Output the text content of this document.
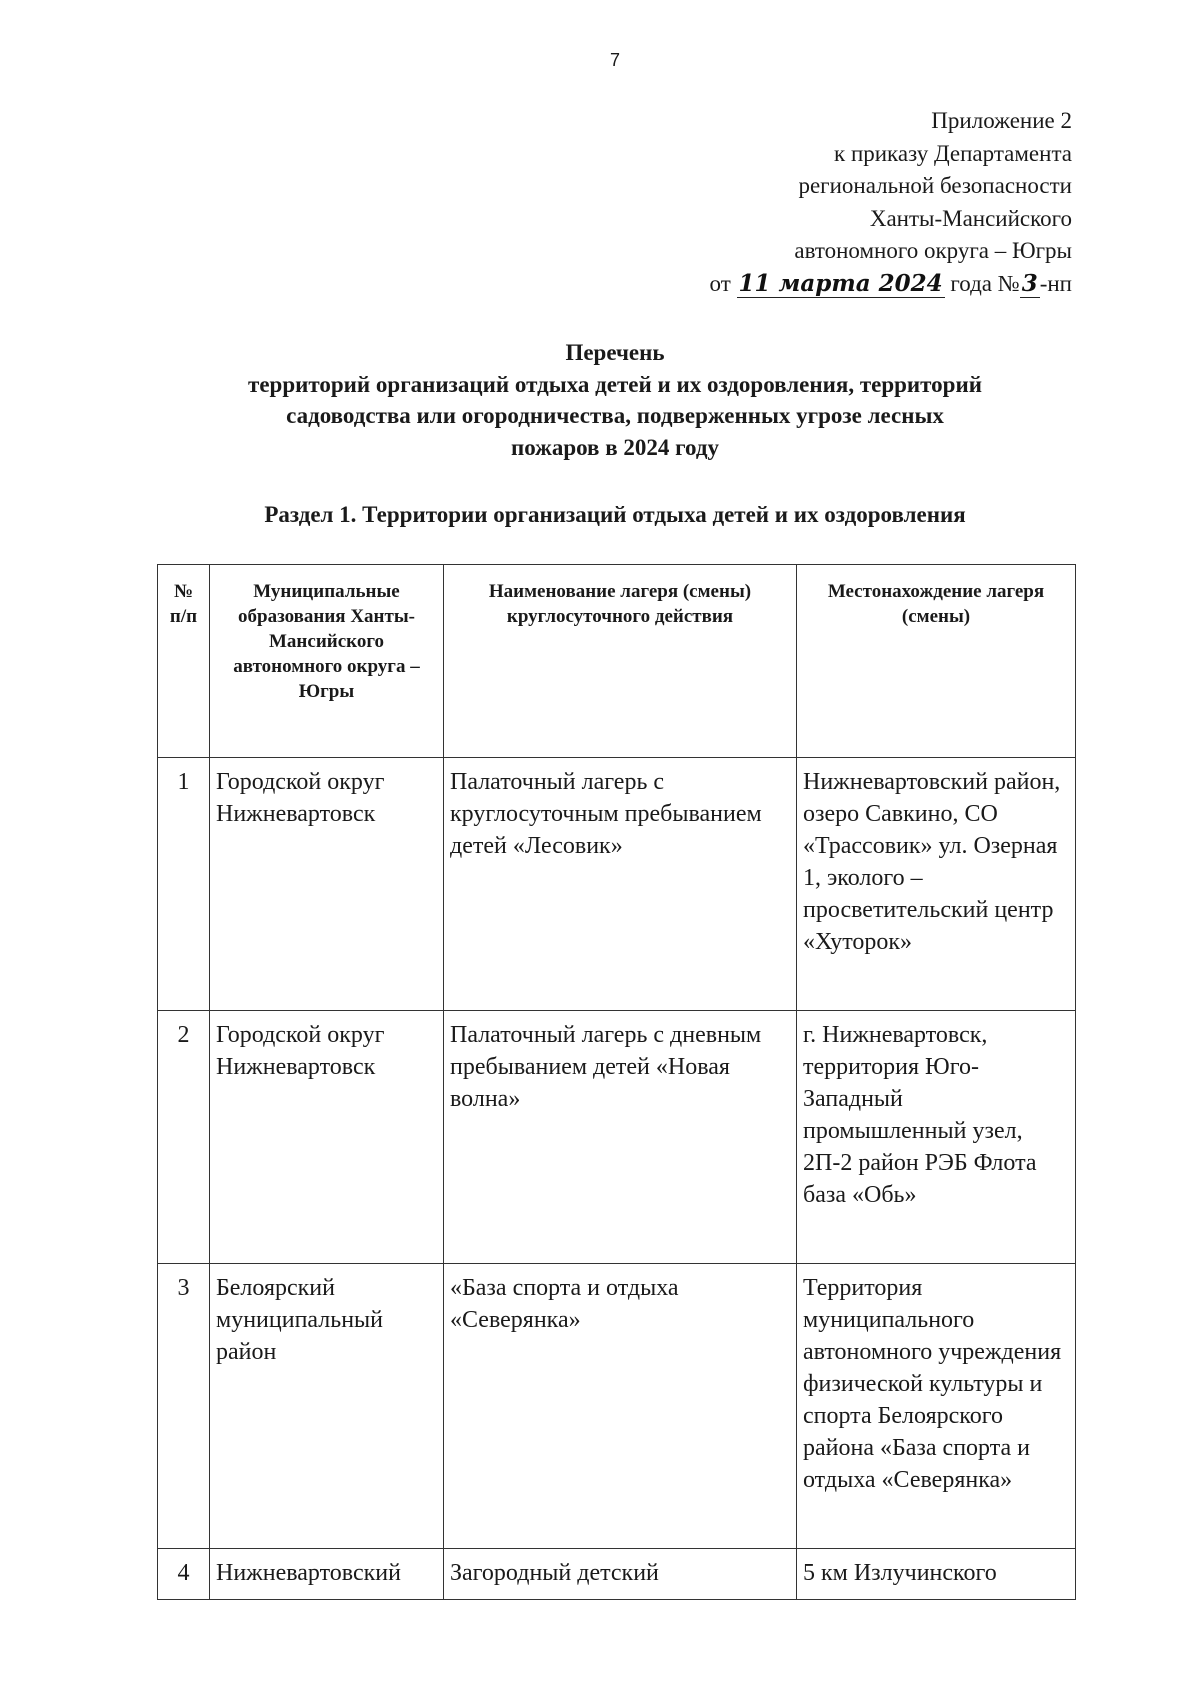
7
Приложение 2
к приказу Департамента
региональной безопасности
Ханты-Мансийского
автономного округа – Югры
от 11 марта 2024 года №3-нп
Перечень
территорий организаций отдыха детей и их оздоровления, территорий
садоводства или огородничества, подверженных угрозе лесных
пожаров в 2024 году
Раздел 1. Территории организаций отдыха детей и их оздоровления
№ п/п	Муниципальные образования Ханты-Мансийского автономного округа – Югры	Наименование лагеря (смены) круглосуточного действия	Местонахождение лагеря (смены)
1	Городской округ Нижневартовск	Палаточный лагерь с круглосуточным пребыванием детей «Лесовик»	Нижневартовский район, озеро Савкино, СО «Трассовик» ул. Озерная 1, эколого – просветительский центр «Хуторок»
2	Городской округ Нижневартовск	Палаточный лагерь с дневным пребыванием детей «Новая волна»	г. Нижневартовск, территория Юго-Западный промышленный узел, 2П-2 район РЭБ Флота база «Обь»
3	Белоярский муниципальный район	«База спорта и отдыха «Северянка»	Территория муниципального автономного учреждения физической культуры и спорта Белоярского района «База спорта и отдыха «Северянка»
4	Нижневартовский	Загородный детский	5 км Излучинского
